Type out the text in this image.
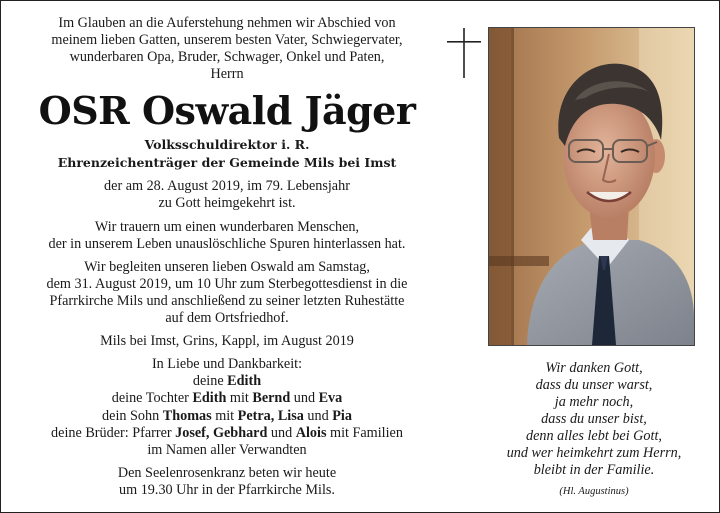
Im Glauben an die Auferstehung nehmen wir Abschied von

meinem lieben Gatten, unserem besten Vater, Schwiegervater,

wunderbaren Opa, Bruder, Schwager, Onkel und Paten,

Herrn

OSR Oswald Jäger

Volksschuldirektor i. R.

Ehrenzeichenträger der Gemeinde Mils bei Imst

der am 28. August 2019, im 79. Lebensjahr

zu Gott heimgekehrt ist.

Wir trauern um einen wunderbaren Menschen,

der in unserem Leben unauslöschliche Spuren hinterlassen hat.

Wir begleiten unseren lieben Oswald am Samstag,

dem 31. August 2019, um 10 Uhr zum Sterbegottesdienst in die

Pfarrkirche Mils und anschließend zu seiner letzten Ruhestätte

auf dem Ortsfriedhof.

Mils bei Imst, Grins, Kappl, im August 2019

In Liebe und Dankbarkeit:

deine Edith

deine Tochter Edith mit Bernd und Eva

dein Sohn Thomas mit Petra, Lisa und Pia

deine Brüder: Pfarrer Josef, Gebhard und Alois mit Familien

im Namen aller Verwandten

Den Seelenrosenkranz beten wir heute

um 19.30 Uhr in der Pfarrkirche Mils.

Wir danken Gott,

dass du unser warst,

ja mehr noch,

dass du unser bist,

denn alles lebt bei Gott,

und wer heimkehrt zum Herrn,

bleibt in der Familie.

(Hl. Augustinus)
